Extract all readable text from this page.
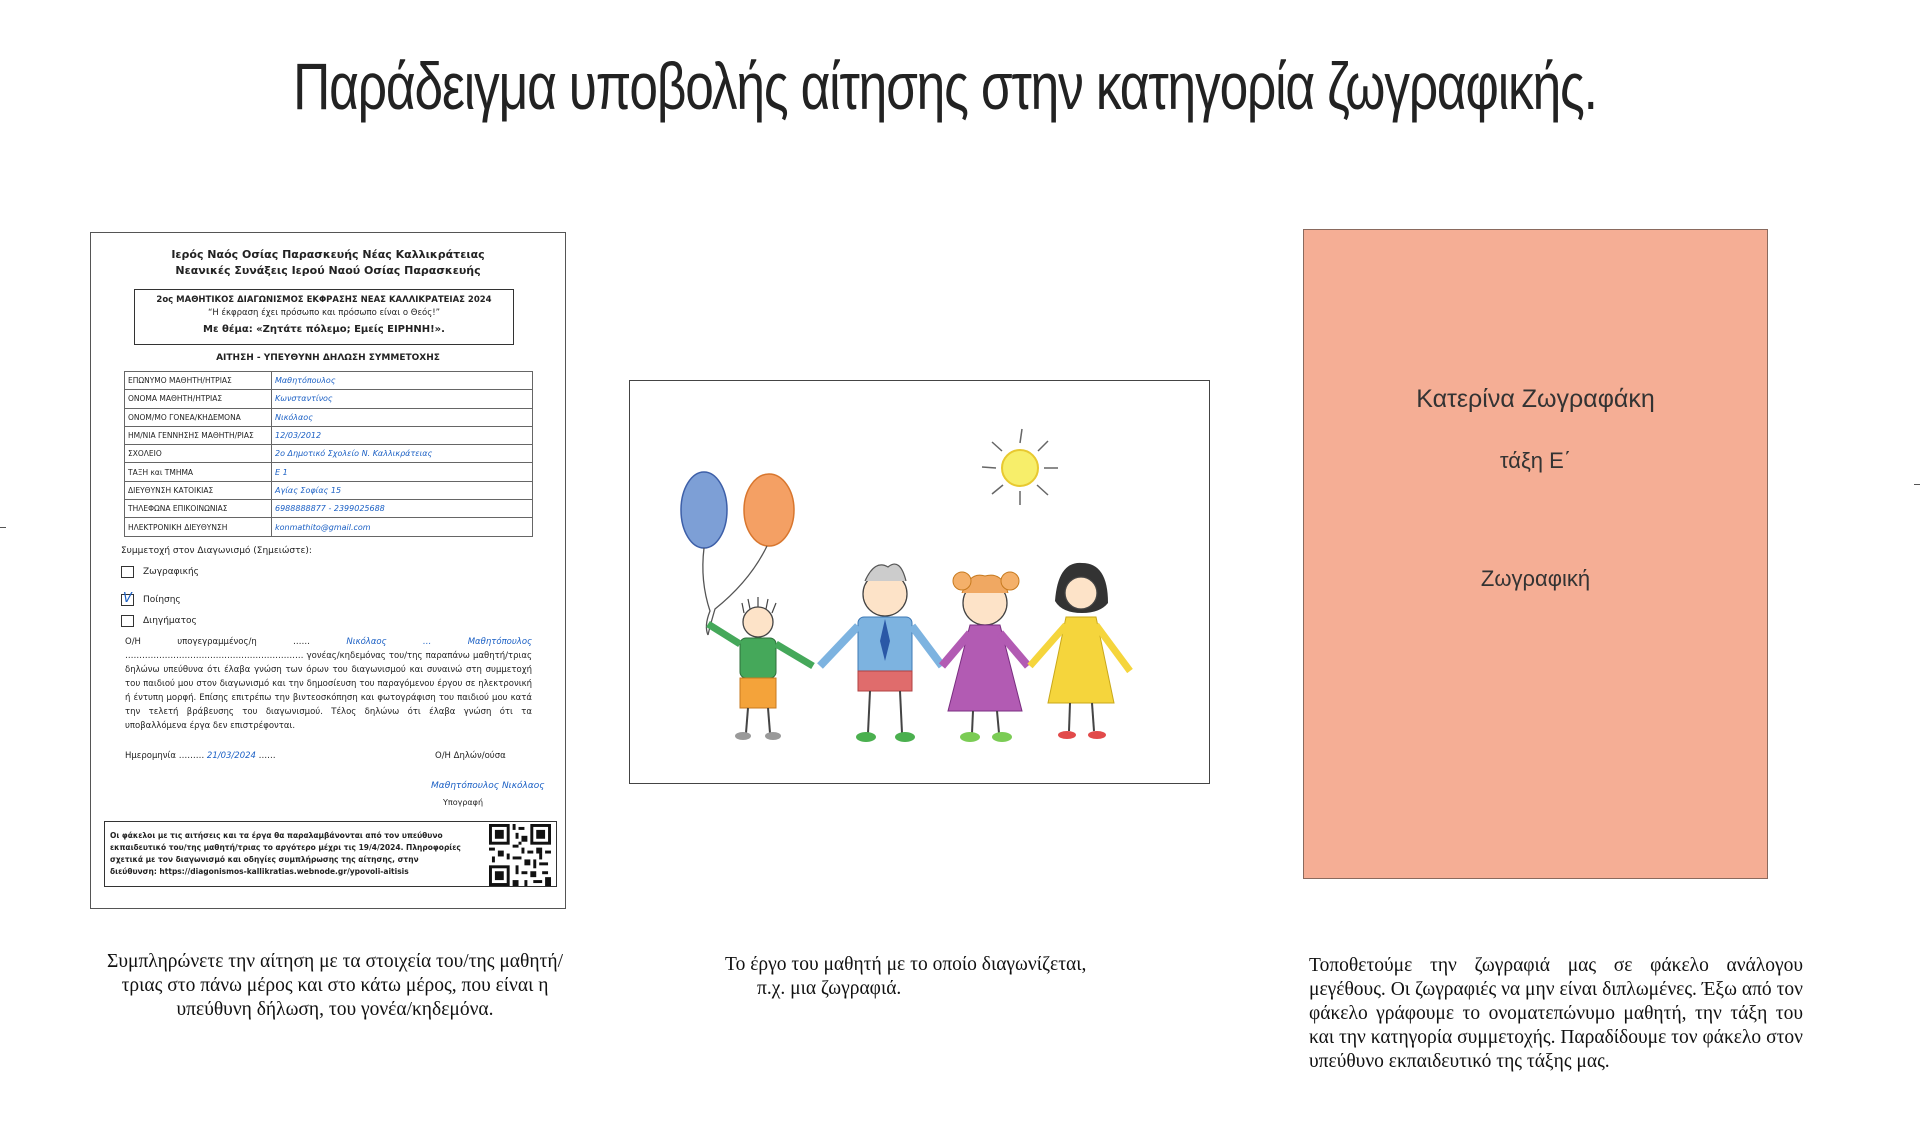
Παράδειγμα υποβολής αίτησης στην κατηγορία ζωγραφικής.
Ιερός Ναός Οσίας Παρασκευής Νέας Καλλικράτειας
Νεανικές Συνάξεις Ιερού Ναού Οσίας Παρασκευής
2ος ΜΑΘΗΤΙΚΟΣ ΔΙΑΓΩΝΙΣΜΟΣ ΕΚΦΡΑΣΗΣ ΝΕΑΣ ΚΑΛΛΙΚΡΑΤΕΙΑΣ 2024
“Η έκφραση έχει πρόσωπο και πρόσωπο είναι ο Θεός!”
Με θέμα: «Ζητάτε πόλεμο; Εμείς ΕΙΡΗΝΗ!».
ΑΙΤΗΣΗ - ΥΠΕΥΘΥΝΗ ΔΗΛΩΣΗ ΣΥΜΜΕΤΟΧΗΣ
ΕΠΩΝΥΜΟ ΜΑΘΗΤΗ/ΗΤΡΙΑΣ	Μαθητόπουλος
ΟΝΟΜΑ ΜΑΘΗΤΗ/ΗΤΡΙΑΣ	Κωνσταντίνος
ΟΝΟΜ/ΜΟ ΓΟΝΕΑ/ΚΗΔΕΜΟΝΑ	Νικόλαος
ΗΜ/ΝΙΑ ΓΕΝΝΗΣΗΣ ΜΑΘΗΤΗ/ΡΙΑΣ	12/03/2012
ΣΧΟΛΕΙΟ	2ο Δημοτικό Σχολείο Ν. Καλλικράτειας
ΤΑΞΗ και ΤΜΗΜΑ	Ε 1
ΔΙΕΥΘΥΝΣΗ ΚΑΤΟΙΚΙΑΣ	Αγίας Σοφίας 15
ΤΗΛΕΦΩΝΑ ΕΠΙΚΟΙΝΩΝΙΑΣ	6988888877 - 2399025688
ΗΛΕΚΤΡΟΝΙΚΗ ΔΙΕΥΘΥΝΣΗ	konmathito@gmail.com
Συμμετοχή στον Διαγωνισμό (Σημειώστε):
Ζωγραφικής
V Ποίησης
Διηγήματος
Ο/Η υπογεγραμμένος/η ……	Νικόλαος … Μαθητόπουλος ……………………………………………………… γονέας/κηδεμόνας του/της παραπάνω μαθητή/τριας δηλώνω υπεύθυνα ότι έλαβα γνώση των όρων του διαγωνισμού και συναινώ στη συμμετοχή του παιδιού μου στον διαγωνισμό και την δημοσίευση του παραγόμενου έργου σε ηλεκτρονική ή έντυπη μορφή. Επίσης επιτρέπω την βιντεοσκόπηση και φωτογράφιση του παιδιού μου κατά την τελετή βράβευσης του διαγωνισμού. Τέλος δηλώνω ότι έλαβα γνώση ότι τα υποβαλλόμενα έργα δεν επιστρέφονται.
Ημερομηνία ……… 21/03/2024 ……	Ο/Η Δηλών/ούσα
Μαθητόπουλος Νικόλαος
Υπογραφή
Οι φάκελοι με τις αιτήσεις και τα έργα θα παραλαμβάνονται από τον υπεύθυνο εκπαιδευτικό του/της μαθητή/τριας το αργότερο μέχρι τις 19/4/2024. Πληροφορίες σχετικά με τον διαγωνισμό και οδηγίες συμπλήρωσης της αίτησης, στην διεύθυνση: https://diagonismos-kallikratias.webnode.gr/ypovoli-aitisis
Κατερίνα Ζωγραφάκη
τάξη Ε΄
Ζωγραφική
Συμπληρώνετε την αίτηση με τα στοιχεία του/της μαθητή/τριας στο πάνω μέρος και στο κάτω μέρος, που είναι η υπεύθυνη δήλωση, του γονέα/κηδεμόνα.
Το έργο του μαθητή με το οποίο διαγωνίζεται,
π.χ. μια ζωγραφιά.
Τοποθετούμε την ζωγραφιά μας σε φάκελο ανάλογου μεγέθους. Οι ζωγραφιές να μην είναι διπλωμένες. Έξω από τον φάκελο γράφουμε το ονοματεπώνυμο μαθητή, την τάξη του και την κατηγορία συμμετοχής. Παραδίδουμε τον φάκελο στον υπεύθυνο εκπαιδευτικό της τάξης μας.
